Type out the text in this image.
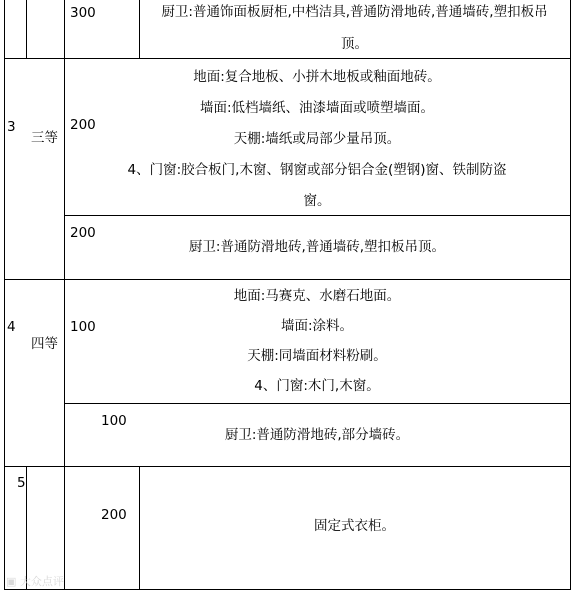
300	厨卫:普通饰面板厨柜,中档洁具,普通防滑地砖,普通墙砖,塑扣板吊
顶。
3
三等
200
地面:复合地板、小拼木地板或釉面地砖。
墙面:低档墙纸、油漆墙面或喷塑墙面。
天棚:墙纸或局部少量吊顶。
4、门窗:胶合板门,木窗、钢窗或部分铝合金(塑钢)窗、铁制防盗
窗。
200
厨卫:普通防滑地砖,普通墙砖,塑扣板吊顶。
4
四等
100
地面:马赛克、水磨石地面。
墙面:涂料。
天棚:同墙面材料粉刷。
4、门窗:木门,木窗。
100
厨卫:普通防滑地砖,部分墙砖。
5
200
固定式衣柜。
▣ 大众点评
